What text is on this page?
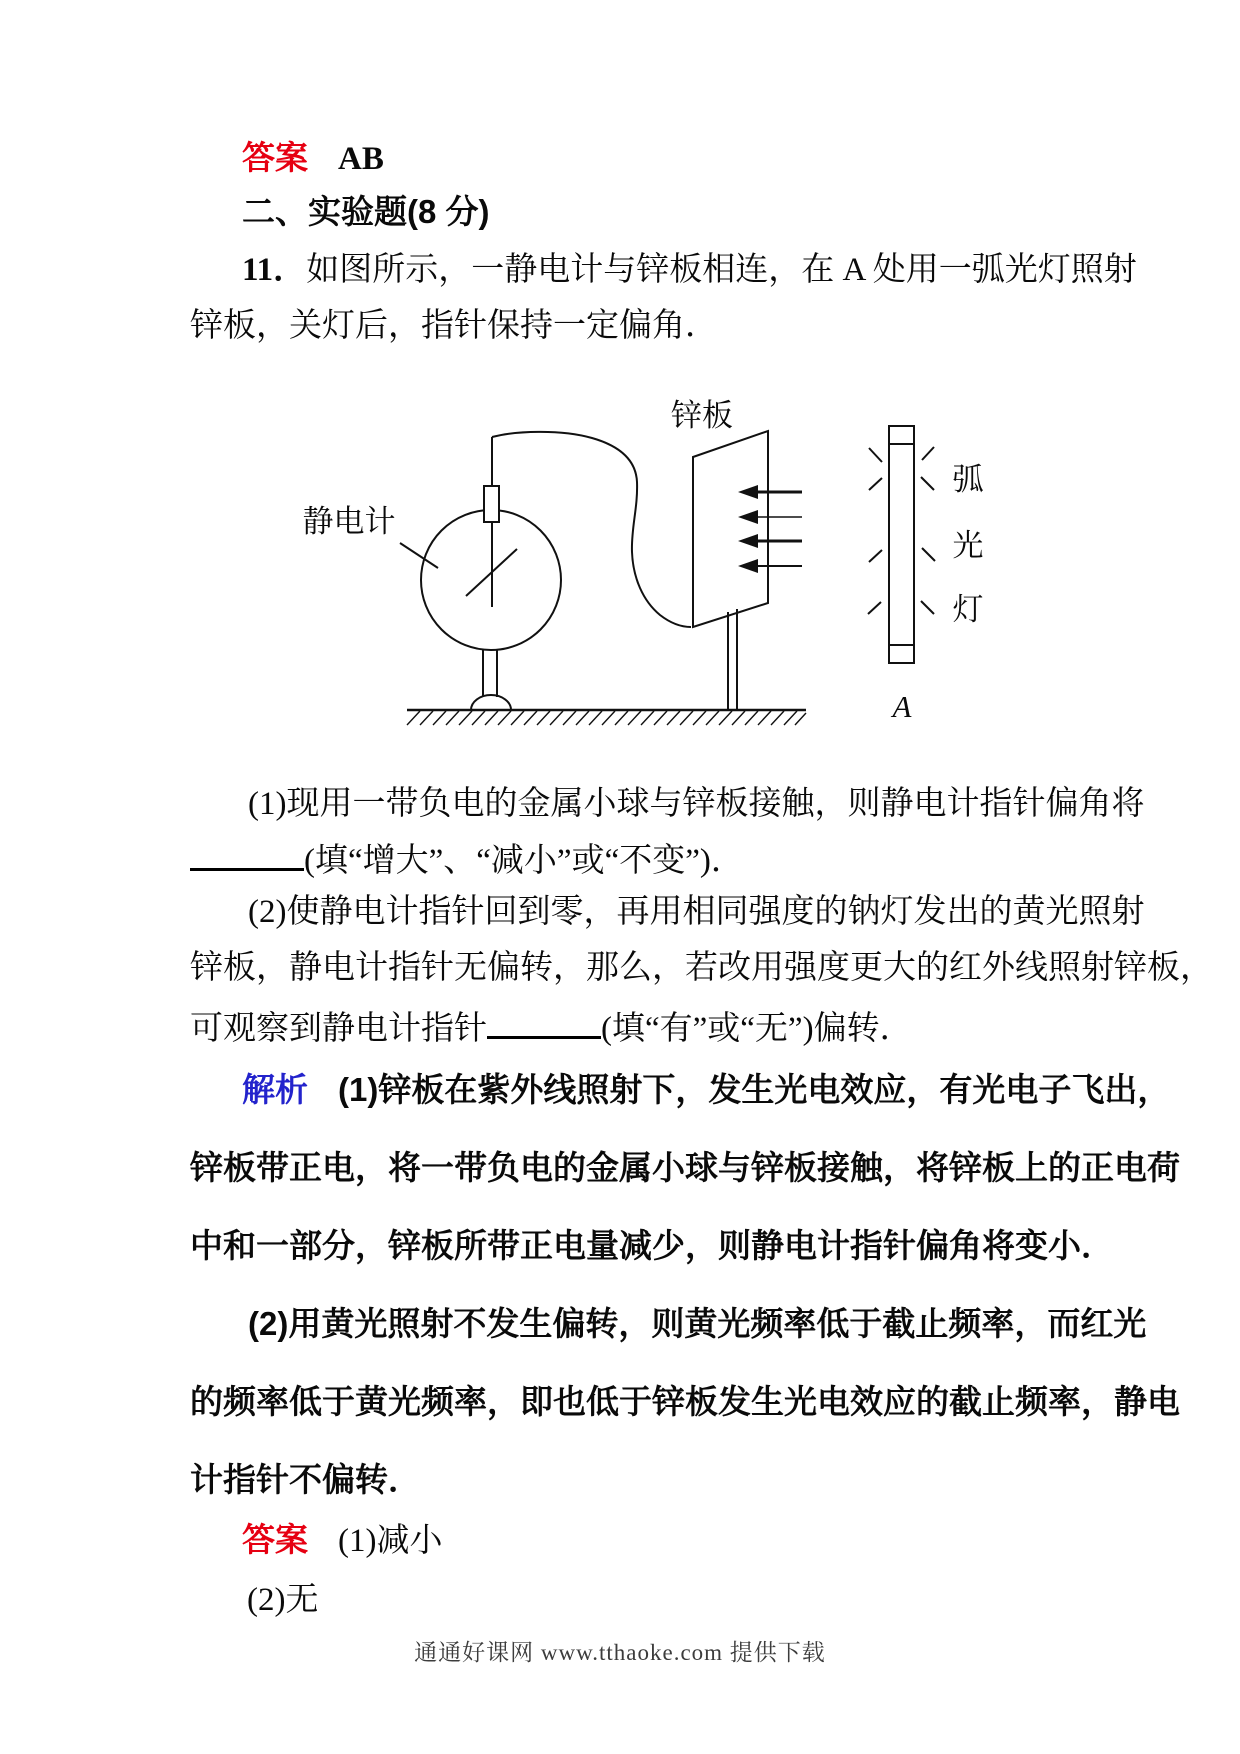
答案 AB
二、实验题(8 分)
11．如图所示，一静电计与锌板相连，在 A 处用一弧光灯照射
锌板，关灯后，指针保持一定偏角．
静电计
锌板
弧
光
灯
A
(1)现用一带负电的金属小球与锌板接触，则静电计指针偏角将
(填“增大”、“减小”或“不变”)．
(2)使静电计指针回到零，再用相同强度的钠灯发出的黄光照射
锌板，静电计指针无偏转，那么，若改用强度更大的红外线照射锌板，
可观察到静电计指针	(填“有”或“无”)偏转．
解析 (1)锌板在紫外线照射下，发生光电效应，有光电子飞出，
锌板带正电，将一带负电的金属小球与锌板接触，将锌板上的正电荷
中和一部分，锌板所带正电量减少，则静电计指针偏角将变小．
(2)用黄光照射不发生偏转，则黄光频率低于截止频率，而红光
的频率低于黄光频率，即也低于锌板发生光电效应的截止频率，静电
计指针不偏转．
答案 (1)减小
(2)无
通通好课网 www.tthaoke.com 提供下载
